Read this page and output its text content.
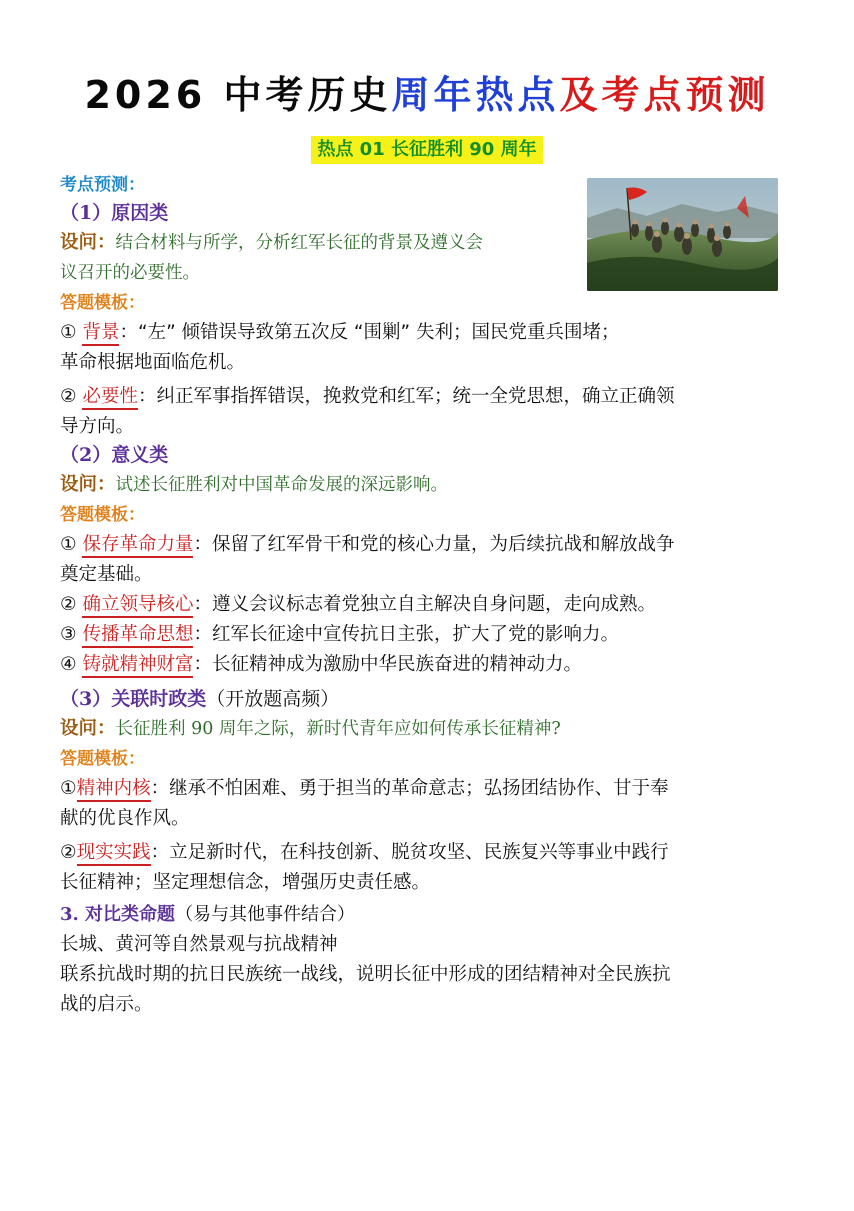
2026 中考历史周年热点及考点预测
热点 01 长征胜利 90 周年
考点预测：
（1）原因类
设问：结合材料与所学，分析红军长征的背景及遵义会
议召开的必要性。
答题模板：
① 背景：“左” 倾错误导致第五次反 “围剿” 失利；国民党重兵围堵；
革命根据地面临危机。
② 必要性：纠正军事指挥错误，挽救党和红军；统一全党思想，确立正确领
导方向。
（2）意义类
设问：试述长征胜利对中国革命发展的深远影响。
答题模板：
① 保存革命力量：保留了红军骨干和党的核心力量，为后续抗战和解放战争
奠定基础。
② 确立领导核心：遵义会议标志着党独立自主解决自身问题，走向成熟。
③ 传播革命思想：红军长征途中宣传抗日主张，扩大了党的影响力。
④ 铸就精神财富：长征精神成为激励中华民族奋进的精神动力。
（3）关联时政类（开放题高频）
设问：长征胜利 90 周年之际，新时代青年应如何传承长征精神?
答题模板：
①精神内核：继承不怕困难、勇于担当的革命意志；弘扬团结协作、甘于奉
献的优良作风。
②现实实践：立足新时代，在科技创新、脱贫攻坚、民族复兴等事业中践行
长征精神；坚定理想信念，增强历史责任感。
3. 对比类命题（易与其他事件结合）
长城、黄河等自然景观与抗战精神
联系抗战时期的抗日民族统一战线，说明长征中形成的团结精神对全民族抗
战的启示。
